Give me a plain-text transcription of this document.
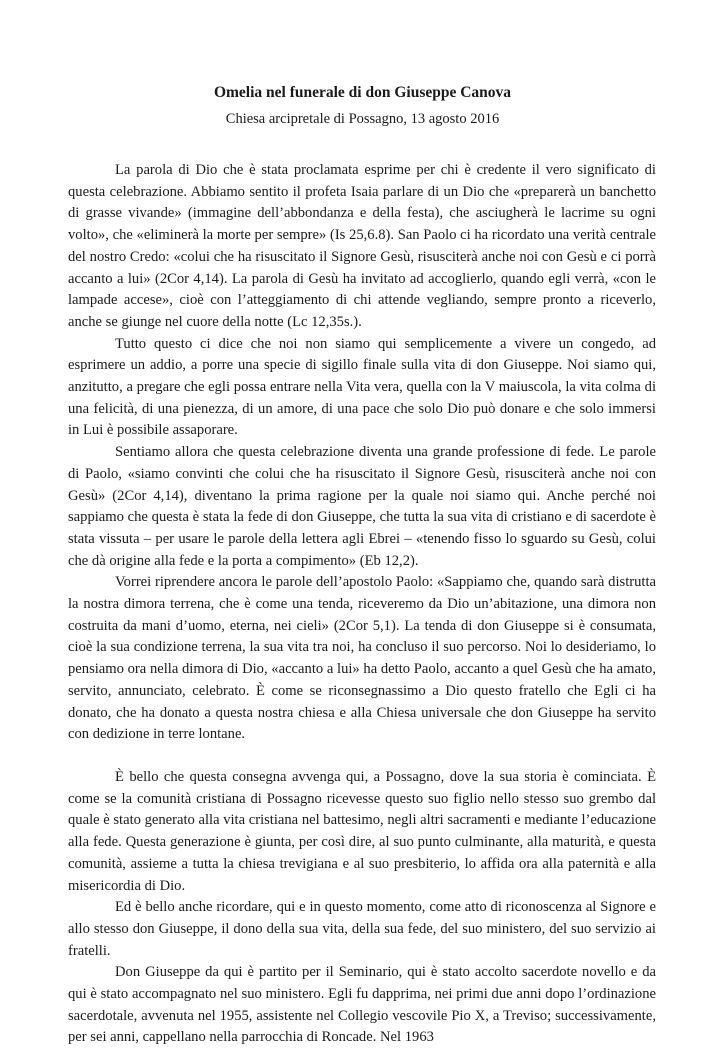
Omelia nel funerale di don Giuseppe Canova
Chiesa arcipretale di Possagno, 13 agosto 2016

La parola di Dio che è stata proclamata esprime per chi è credente il vero significato di questa celebrazione. Abbiamo sentito il profeta Isaia parlare di un Dio che «preparerà un banchetto di grasse vivande» (immagine dell’abbondanza e della festa), che asciugherà le lacrime su ogni volto», che «eliminerà la morte per sempre» (Is 25,6.8). San Paolo ci ha ricordato una verità centrale del nostro Credo: «colui che ha risuscitato il Signore Gesù, risusciterà anche noi con Gesù e ci porrà accanto a lui» (2Cor 4,14). La parola di Gesù ha invitato ad accoglierlo, quando egli verrà, «con le lampade accese», cioè con l’atteggiamento di chi attende vegliando, sempre pronto a riceverlo, anche se giunge nel cuore della notte (Lc 12,35s.).

Tutto questo ci dice che noi non siamo qui semplicemente a vivere un congedo, ad esprimere un addio, a porre una specie di sigillo finale sulla vita di don Giuseppe. Noi siamo qui, anzitutto, a pregare che egli possa entrare nella Vita vera, quella con la V maiuscola, la vita colma di una felicità, di una pienezza, di un amore, di una pace che solo Dio può donare e che solo immersi in Lui è possibile assaporare.

Sentiamo allora che questa celebrazione diventa una grande professione di fede. Le parole di Paolo, «siamo convinti che colui che ha risuscitato il Signore Gesù, risusciterà anche noi con Gesù» (2Cor 4,14), diventano la prima ragione per la quale noi siamo qui. Anche perché noi sappiamo che questa è stata la fede di don Giuseppe, che tutta la sua vita di cristiano e di sacerdote è stata vissuta – per usare le parole della lettera agli Ebrei – «tenendo fisso lo sguardo su Gesù, colui che dà origine alla fede e la porta a compimento» (Eb 12,2).

Vorrei riprendere ancora le parole dell’apostolo Paolo: «Sappiamo che, quando sarà distrutta la nostra dimora terrena, che è come una tenda, riceveremo da Dio un’abitazione, una dimora non costruita da mani d’uomo, eterna, nei cieli» (2Cor 5,1). La tenda di don Giuseppe si è consumata, cioè la sua condizione terrena, la sua vita tra noi, ha concluso il suo percorso. Noi lo desideriamo, lo pensiamo ora nella dimora di Dio, «accanto a lui» ha detto Paolo, accanto a quel Gesù che ha amato, servito, annunciato, celebrato. È come se riconsegnassimo a Dio questo fratello che Egli ci ha donato, che ha donato a questa nostra chiesa e alla Chiesa universale che don Giuseppe ha servito con dedizione in terre lontane.

È bello che questa consegna avvenga qui, a Possagno, dove la sua storia è cominciata. È come se la comunità cristiana di Possagno ricevesse questo suo figlio nello stesso suo grembo dal quale è stato generato alla vita cristiana nel battesimo, negli altri sacramenti e mediante l’educazione alla fede. Questa generazione è giunta, per così dire, al suo punto culminante, alla maturità, e questa comunità, assieme a tutta la chiesa trevigiana e al suo presbiterio, lo affida ora alla paternità e alla misericordia di Dio.

Ed è bello anche ricordare, qui e in questo momento, come atto di riconoscenza al Signore e allo stesso don Giuseppe, il dono della sua vita, della sua fede, del suo ministero, del suo servizio ai fratelli.

Don Giuseppe da qui è partito per il Seminario, qui è stato accolto sacerdote novello e da qui è stato accompagnato nel suo ministero. Egli fu dapprima, nei primi due anni dopo l’ordinazione sacerdotale, avvenuta nel 1955, assistente nel Collegio vescovile Pio X, a Treviso; successivamente, per sei anni, cappellano nella parrocchia di Roncade. Nel 1963
